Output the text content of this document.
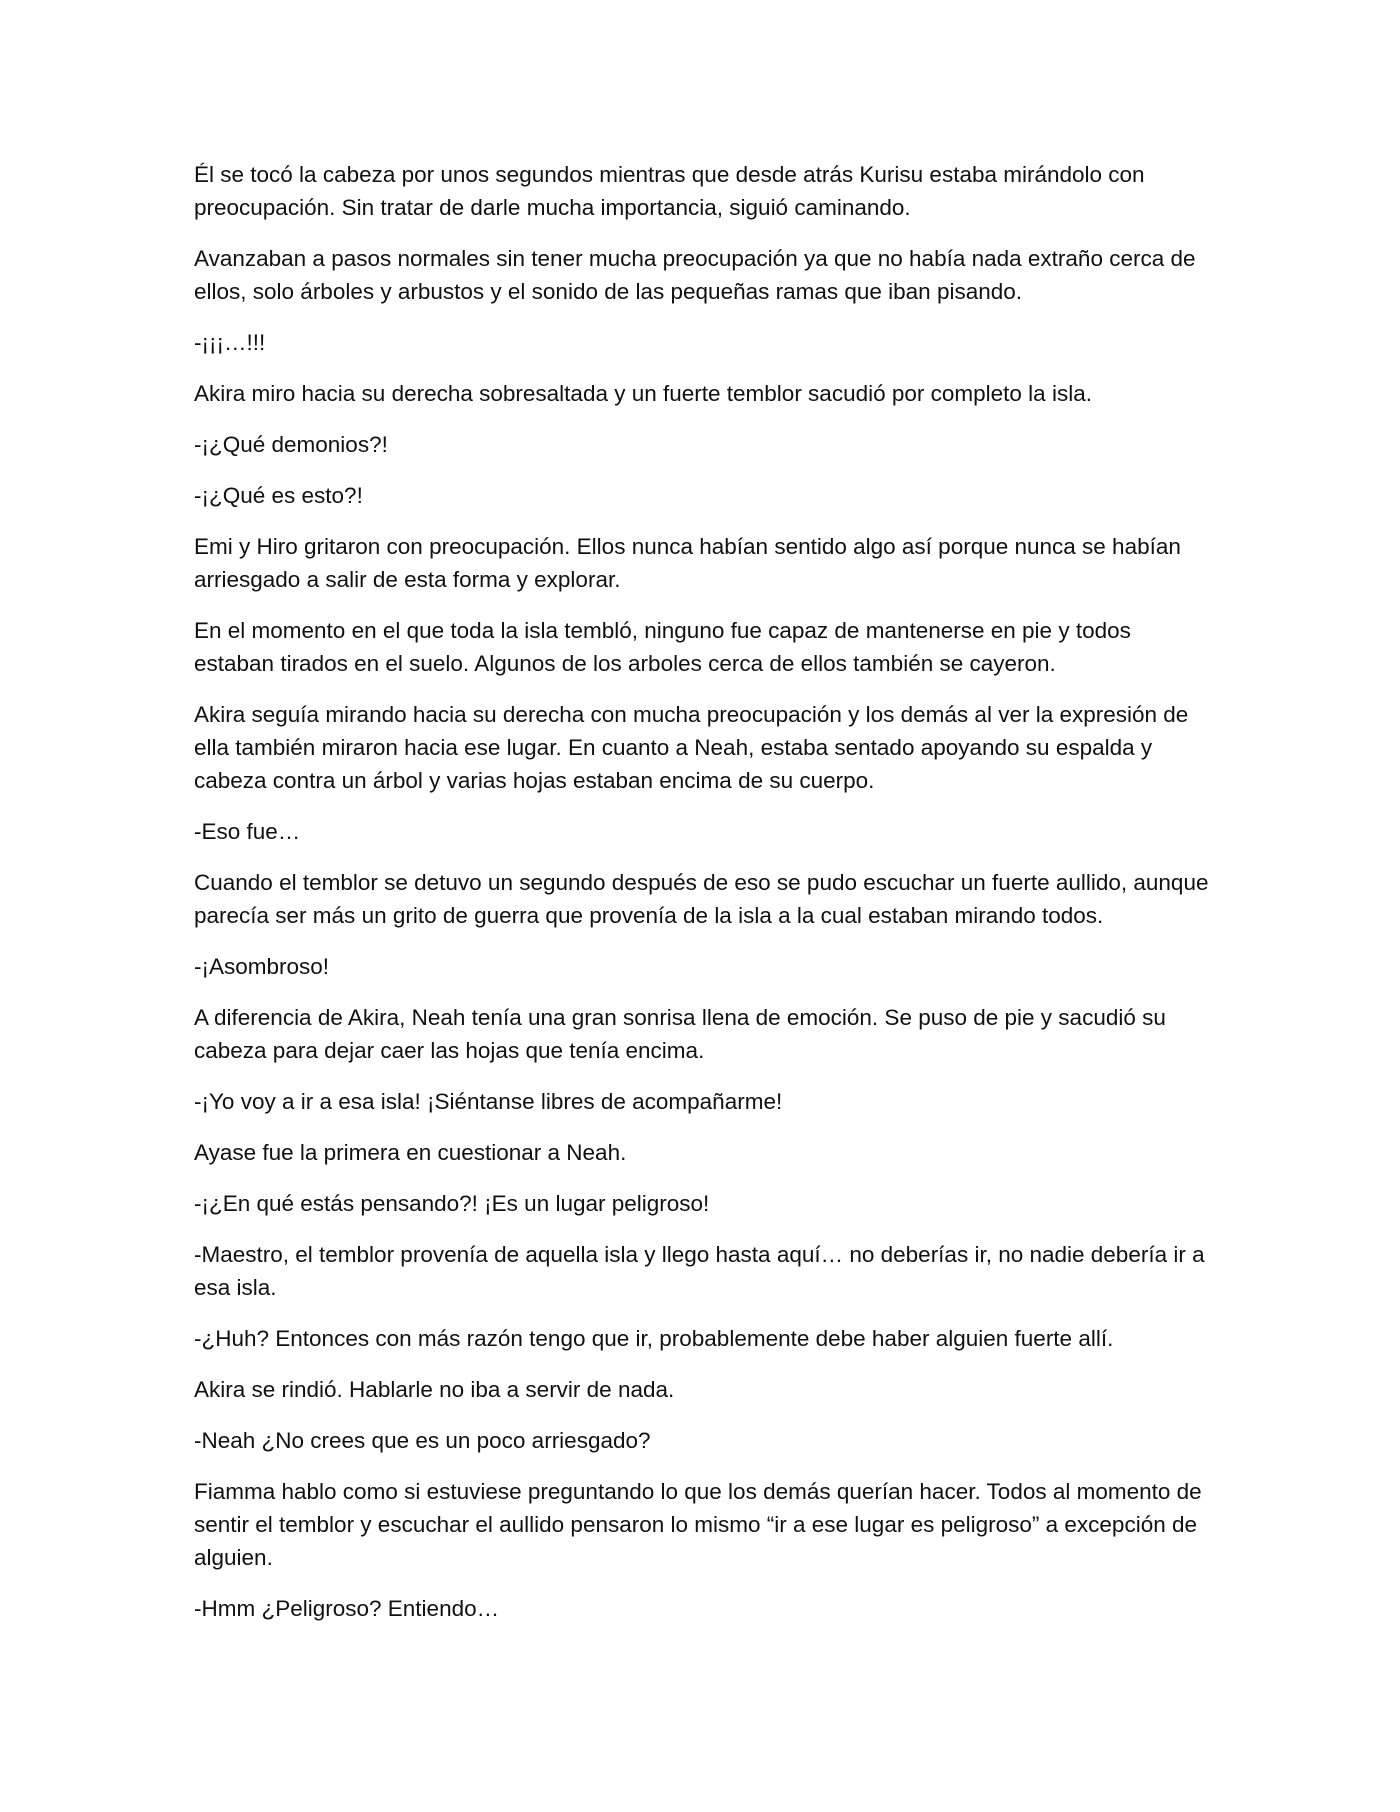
Él se tocó la cabeza por unos segundos mientras que desde atrás Kurisu estaba mirándolo con preocupación. Sin tratar de darle mucha importancia, siguió caminando.

Avanzaban a pasos normales sin tener mucha preocupación ya que no había nada extraño cerca de ellos, solo árboles y arbustos y el sonido de las pequeñas ramas que iban pisando.

-¡¡¡…!!!

Akira miro hacia su derecha sobresaltada y un fuerte temblor sacudió por completo la isla.

-¡¿Qué demonios?!

-¡¿Qué es esto?!

Emi y Hiro gritaron con preocupación. Ellos nunca habían sentido algo así porque nunca se habían arriesgado a salir de esta forma y explorar.

En el momento en el que toda la isla tembló, ninguno fue capaz de mantenerse en pie y todos estaban tirados en el suelo. Algunos de los arboles cerca de ellos también se cayeron.

Akira seguía mirando hacia su derecha con mucha preocupación y los demás al ver la expresión de ella también miraron hacia ese lugar. En cuanto a Neah, estaba sentado apoyando su espalda y cabeza contra un árbol y varias hojas estaban encima de su cuerpo.

-Eso fue…

Cuando el temblor se detuvo un segundo después de eso se pudo escuchar un fuerte aullido, aunque parecía ser más un grito de guerra que provenía de la isla a la cual estaban mirando todos.

-¡Asombroso!

A diferencia de Akira, Neah tenía una gran sonrisa llena de emoción. Se puso de pie y sacudió su cabeza para dejar caer las hojas que tenía encima.

-¡Yo voy a ir a esa isla! ¡Siéntanse libres de acompañarme!

Ayase fue la primera en cuestionar a Neah.

-¡¿En qué estás pensando?! ¡Es un lugar peligroso!

-Maestro, el temblor provenía de aquella isla y llego hasta aquí… no deberías ir, no nadie debería ir a esa isla.

-¿Huh? Entonces con más razón tengo que ir, probablemente debe haber alguien fuerte allí.

Akira se rindió. Hablarle no iba a servir de nada.

-Neah ¿No crees que es un poco arriesgado?

Fiamma hablo como si estuviese preguntando lo que los demás querían hacer. Todos al momento de sentir el temblor y escuchar el aullido pensaron lo mismo “ir a ese lugar es peligroso” a excepción de alguien.

-Hmm ¿Peligroso? Entiendo…
